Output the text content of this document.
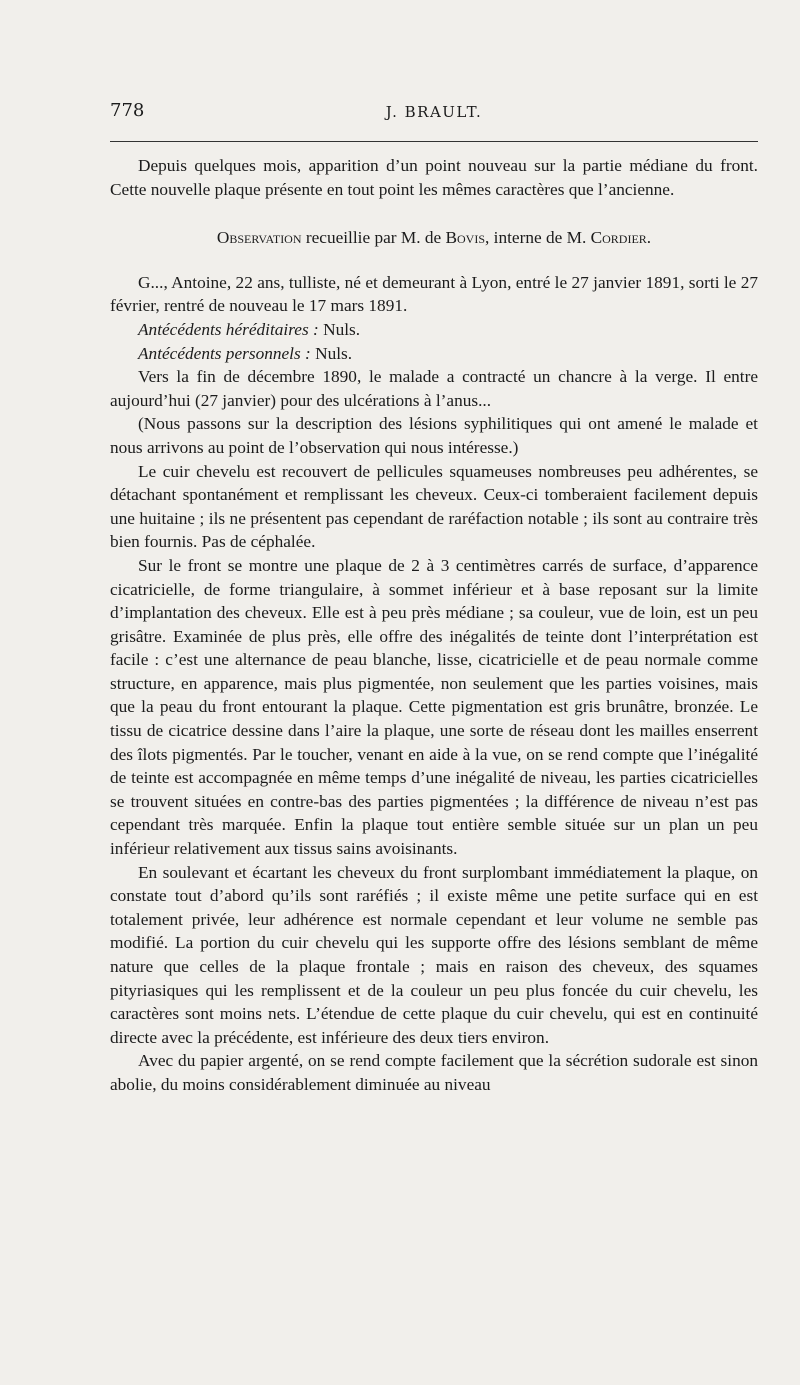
778	J. BRAULT.

Depuis quelques mois, apparition d’un point nouveau sur la partie médiane du front. Cette nouvelle plaque présente en tout point les mêmes caractères que l’ancienne.

Observation recueillie par M. de Bovis, interne de M. Cordier.

G..., Antoine, 22 ans, tulliste, né et demeurant à Lyon, entré le 27 janvier 1891, sorti le 27 février, rentré de nouveau le 17 mars 1891.

Antécédents héréditaires : Nuls.

Antécédents personnels : Nuls.

Vers la fin de décembre 1890, le malade a contracté un chancre à la verge. Il entre aujourd’hui (27 janvier) pour des ulcérations à l’anus...

(Nous passons sur la description des lésions syphilitiques qui ont amené le malade et nous arrivons au point de l’observation qui nous intéresse.)

Le cuir chevelu est recouvert de pellicules squameuses nombreuses peu adhérentes, se détachant spontanément et remplissant les cheveux. Ceux-ci tomberaient facilement depuis une huitaine ; ils ne présentent pas cependant de raréfaction notable ; ils sont au contraire très bien fournis. Pas de céphalée.

Sur le front se montre une plaque de 2 à 3 centimètres carrés de surface, d’apparence cicatricielle, de forme triangulaire, à sommet inférieur et à base reposant sur la limite d’implantation des cheveux. Elle est à peu près médiane ; sa couleur, vue de loin, est un peu grisâtre. Examinée de plus près, elle offre des inégalités de teinte dont l’interprétation est facile : c’est une alternance de peau blanche, lisse, cicatricielle et de peau normale comme structure, en apparence, mais plus pigmentée, non seulement que les parties voisines, mais que la peau du front entourant la plaque. Cette pigmentation est gris brunâtre, bronzée. Le tissu de cicatrice dessine dans l’aire la plaque, une sorte de réseau dont les mailles enserrent des îlots pigmentés. Par le toucher, venant en aide à la vue, on se rend compte que l’inégalité de teinte est accompagnée en même temps d’une inégalité de niveau, les parties cicatricielles se trouvent situées en contre-bas des parties pigmentées ; la différence de niveau n’est pas cependant très marquée. Enfin la plaque tout entière semble située sur un plan un peu inférieur relativement aux tissus sains avoisinants.

En soulevant et écartant les cheveux du front surplombant immédiatement la plaque, on constate tout d’abord qu’ils sont raréfiés ; il existe même une petite surface qui en est totalement privée, leur adhérence est normale cependant et leur volume ne semble pas modifié. La portion du cuir chevelu qui les supporte offre des lésions semblant de même nature que celles de la plaque frontale ; mais en raison des cheveux, des squames pityriasiques qui les remplissent et de la couleur un peu plus foncée du cuir chevelu, les caractères sont moins nets. L’étendue de cette plaque du cuir chevelu, qui est en continuité directe avec la précédente, est inférieure des deux tiers environ.

Avec du papier argenté, on se rend compte facilement que la sécrétion sudorale est sinon abolie, du moins considérablement diminuée au niveau
